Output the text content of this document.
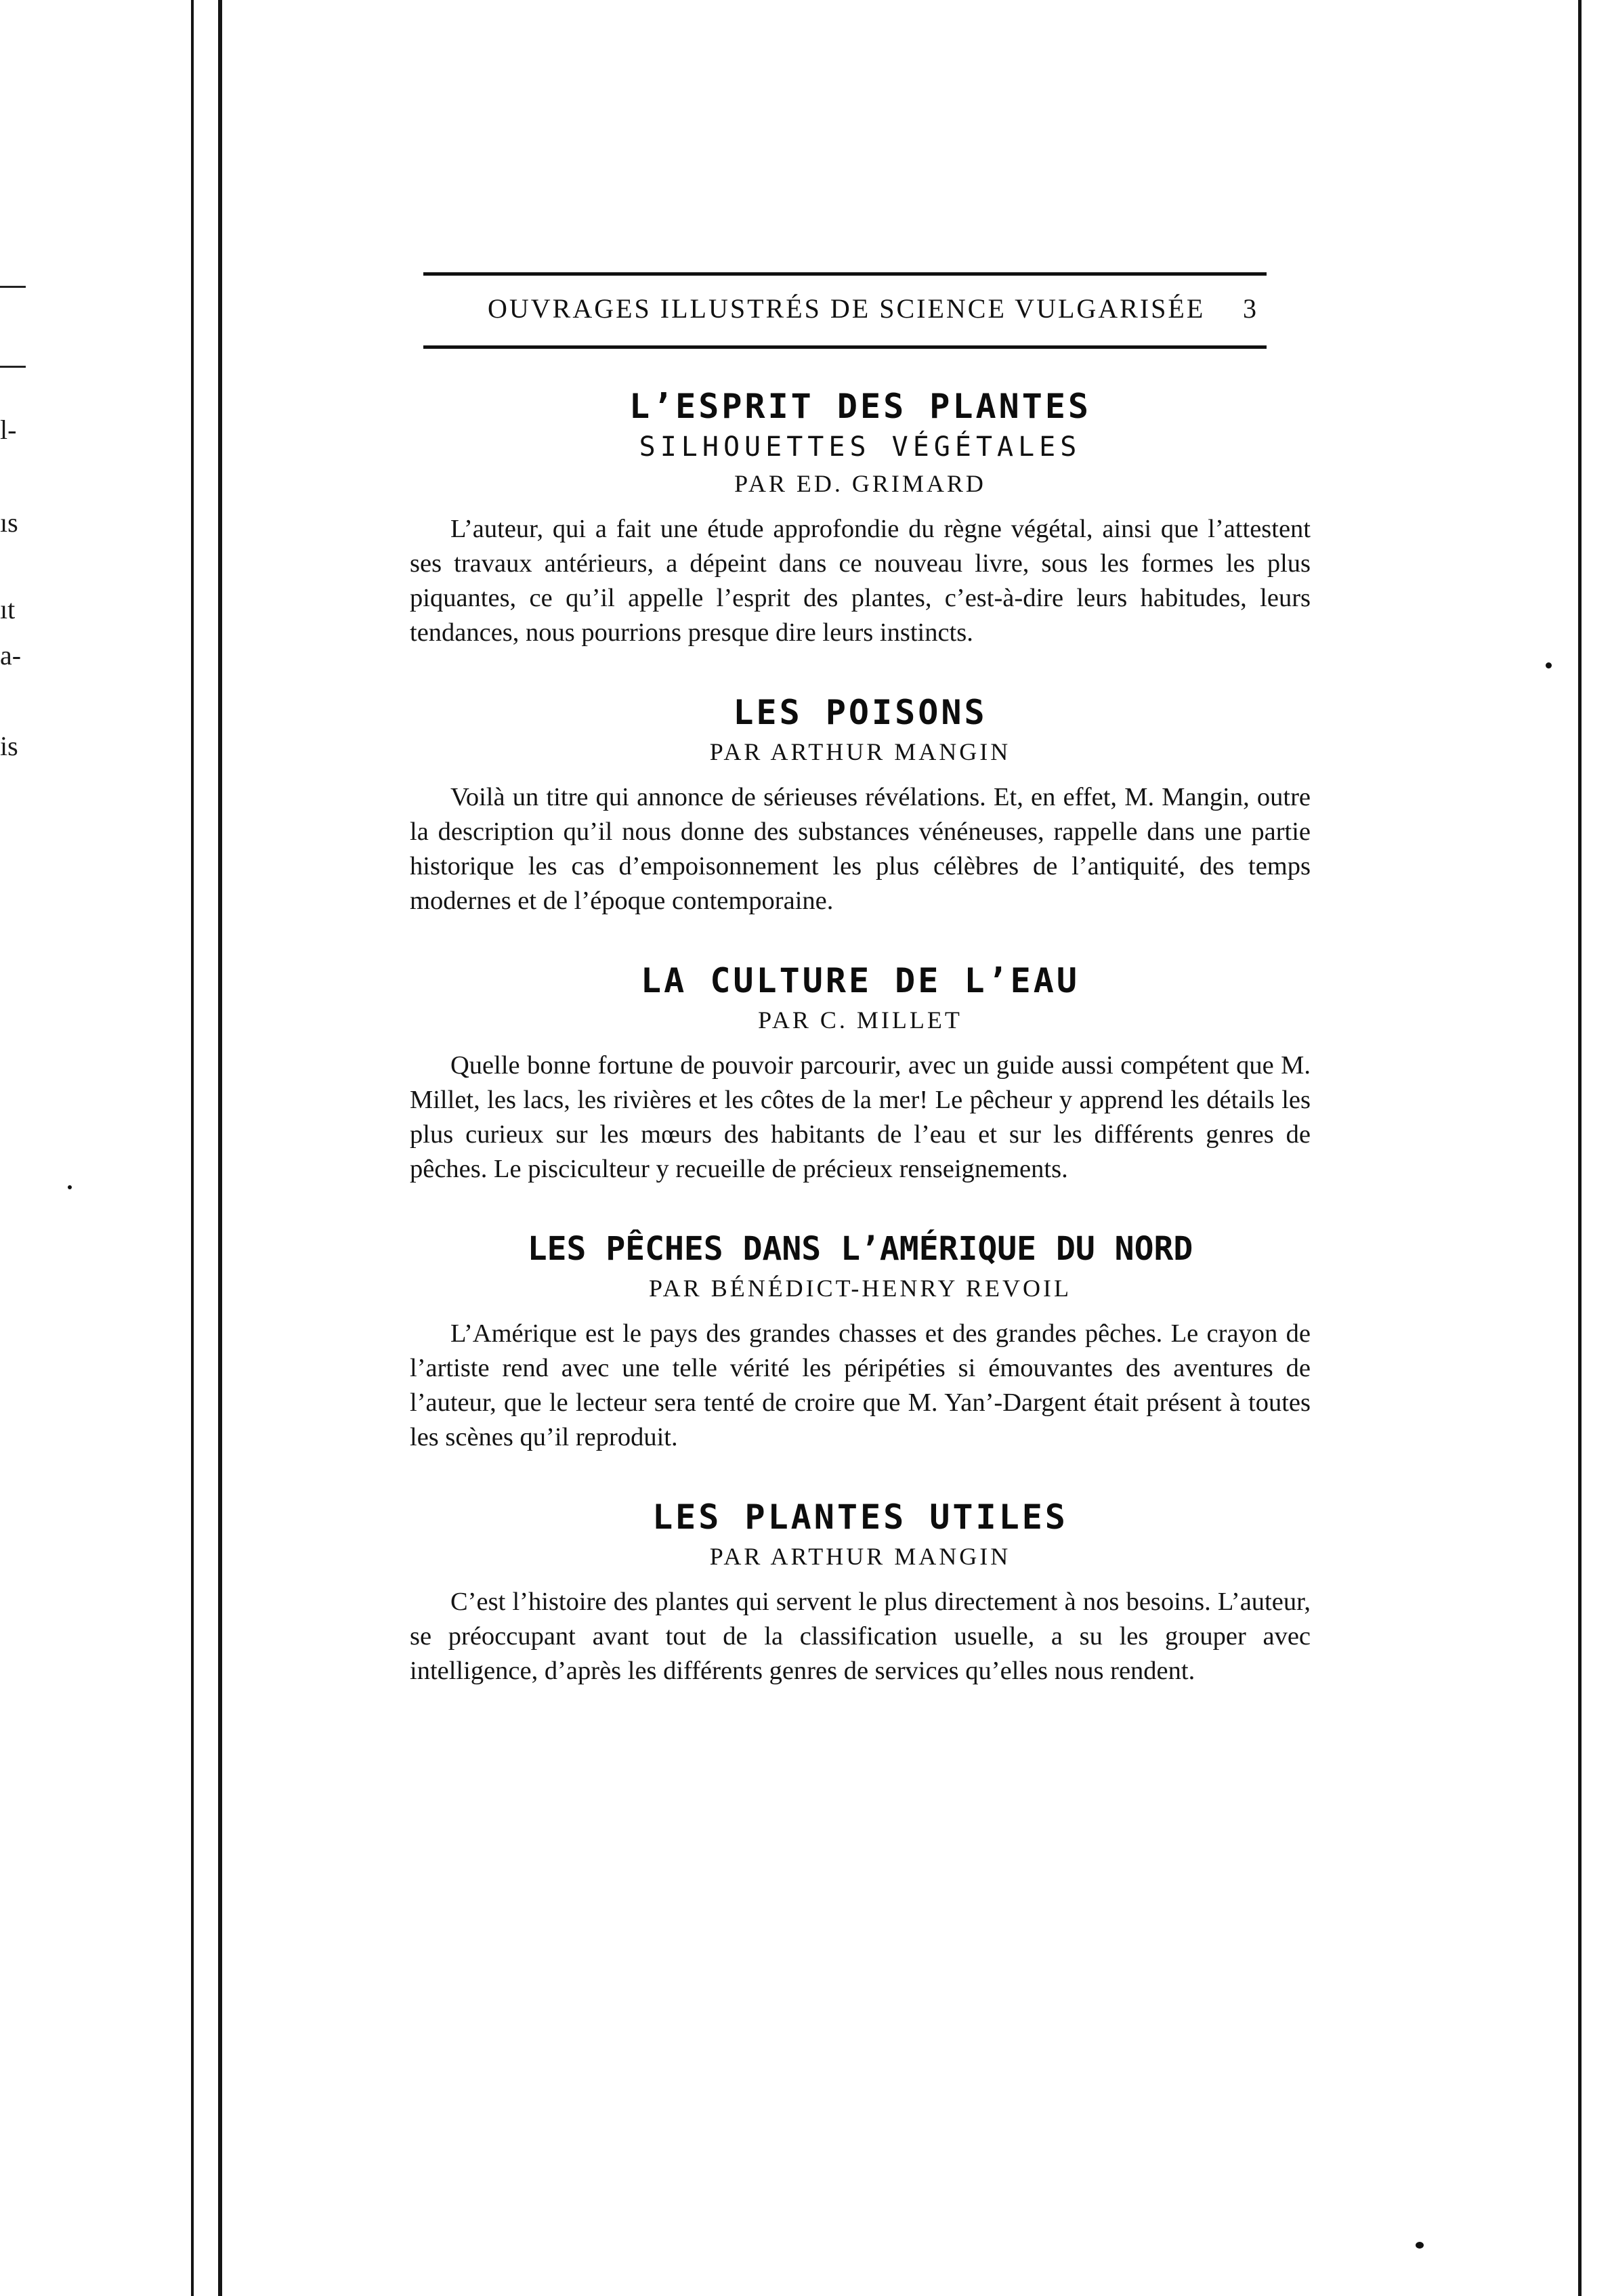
l-
ıs
ıt
a-
is
OUVRAGES ILLUSTRÉS DE SCIENCE VULGARISÉE 3
L’ESPRIT DES PLANTES
SILHOUETTES VÉGÉTALES
PAR ED. GRIMARD
L’auteur, qui a fait une étude approfondie du règne végétal, ainsi que l’attestent ses travaux antérieurs, a dépeint dans ce nouveau livre, sous les formes les plus piquantes, ce qu’il appelle l’esprit des plantes, c’est-à-dire leurs habitudes, leurs tendances, nous pourrions presque dire leurs instincts.
LES POISONS
PAR ARTHUR MANGIN
Voilà un titre qui annonce de sérieuses révélations. Et, en effet, M. Mangin, outre la description qu’il nous donne des substances vénéneuses, rappelle dans une partie historique les cas d’empoisonnement les plus célèbres de l’antiquité, des temps modernes et de l’époque contemporaine.
LA CULTURE DE L’EAU
PAR C. MILLET
Quelle bonne fortune de pouvoir parcourir, avec un guide aussi compétent que M. Millet, les lacs, les rivières et les côtes de la mer! Le pêcheur y apprend les détails les plus curieux sur les mœurs des habitants de l’eau et sur les différents genres de pêches. Le pisciculteur y recueille de précieux renseignements.
LES PÊCHES DANS L’AMÉRIQUE DU NORD
PAR BÉNÉDICT-HENRY REVOIL
L’Amérique est le pays des grandes chasses et des grandes pêches. Le crayon de l’artiste rend avec une telle vérité les péripéties si émouvantes des aventures de l’auteur, que le lecteur sera tenté de croire que M. Yan’-Dargent était présent à toutes les scènes qu’il reproduit.
LES PLANTES UTILES
PAR ARTHUR MANGIN
C’est l’histoire des plantes qui servent le plus directement à nos besoins. L’auteur, se préoccupant avant tout de la classification usuelle, a su les grouper avec intelligence, d’après les différents genres de services qu’elles nous rendent.
